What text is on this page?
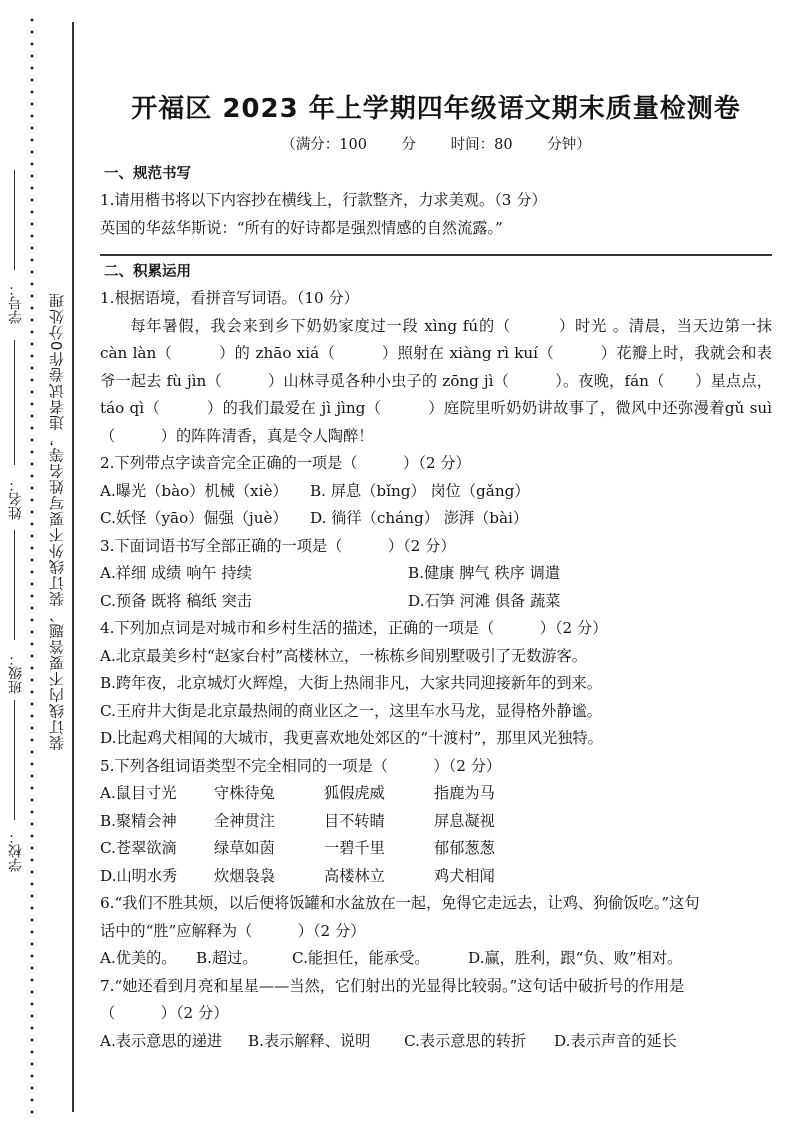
装订线内不要答题、装订线外不要写姓名等，违者试卷作0分处理
学校：
班级：
姓名：
学号：
开福区 2023 年上学期四年级语文期末质量检测卷
（满分：100 分 时间：80 分钟）
一、规范书写
1.请用楷书将以下内容抄在横线上，行款整齐，力求美观。（3 分）
英国的华兹华斯说：“所有的好诗都是强烈情感的自然流露。”
二、积累运用
1.根据语境，看拼音写词语。（10 分）
每年暑假，我会来到乡下奶奶家度过一段 xìng fú的（　　　）时光 。清晨，当天边第一抹 càn làn（　　　）的 zhāo xiá（　　　）照射在 xiàng rì kuí（　　　）花瓣上时，我就会和表爷一起去 fù jìn（　　　）山林寻觅各种小虫子的 zōng jì（　　　）。夜晚，fán（　　）星点点，táo qì（　　　）的我们最爱在 jì jìng（　　　）庭院里听奶奶讲故事了，微风中还弥漫着gǔ suì（　　　）的阵阵清香，真是令人陶醉！
2.下列带点字读音完全正确的一项是（　　　）（2 分）
A.曝光（bào）机械（xiè） B. 屏息（bǐng） 岗位（gǎng）
C.妖怪（yāo）倔强（juè） D. 徜徉（cháng） 澎湃（bài）
3.下面词语书写全部正确的一项是（　　　）（2 分）
A.祥细 成绩 响午 持续	B.健康 脾气 秩序 调遣
C.预备 既将 稿纸 突击	D.石笋 河滩 俱备 蔬菜
4.下列加点词是对城市和乡村生活的描述，正确的一项是（　　　）（2 分）
A.北京最美乡村“赵家台村”高楼林立，一栋栋乡间别墅吸引了无数游客。
B.跨年夜，北京城灯火辉煌，大街上热闹非凡，大家共同迎接新年的到来。
C.王府井大街是北京最热闹的商业区之一，这里车水马龙，显得格外静谧。
D.比起鸡犬相闻的大城市，我更喜欢地处郊区的“十渡村”，那里风光独特。
5.下列各组词语类型不完全相同的一项是（　　　）（2 分）
A.鼠目寸光 守株待兔	狐假虎威	指鹿为马
B.聚精会神 全神贯注	目不转睛	屏息凝视
C.苍翠欲滴 绿草如茵	一碧千里	郁郁葱葱
D.山明水秀 炊烟袅袅	高楼林立	鸡犬相闻
6.“我们不胜其烦，以后便将饭罐和水盆放在一起，免得它走远去，让鸡、狗偷饭吃。”这句
话中的“胜”应解释为（　　　）（2 分）
A.优美的。 B.超过。 C.能担任，能承受。	D.赢，胜利，跟“负、败”相对。
7.“她还看到月亮和星星——当然，它们射出的光显得比较弱。”这句话中破折号的作用是
（　　　）（2 分）
A.表示意思的递进 B.表示解释、说明 C.表示意思的转折 D.表示声音的延长
